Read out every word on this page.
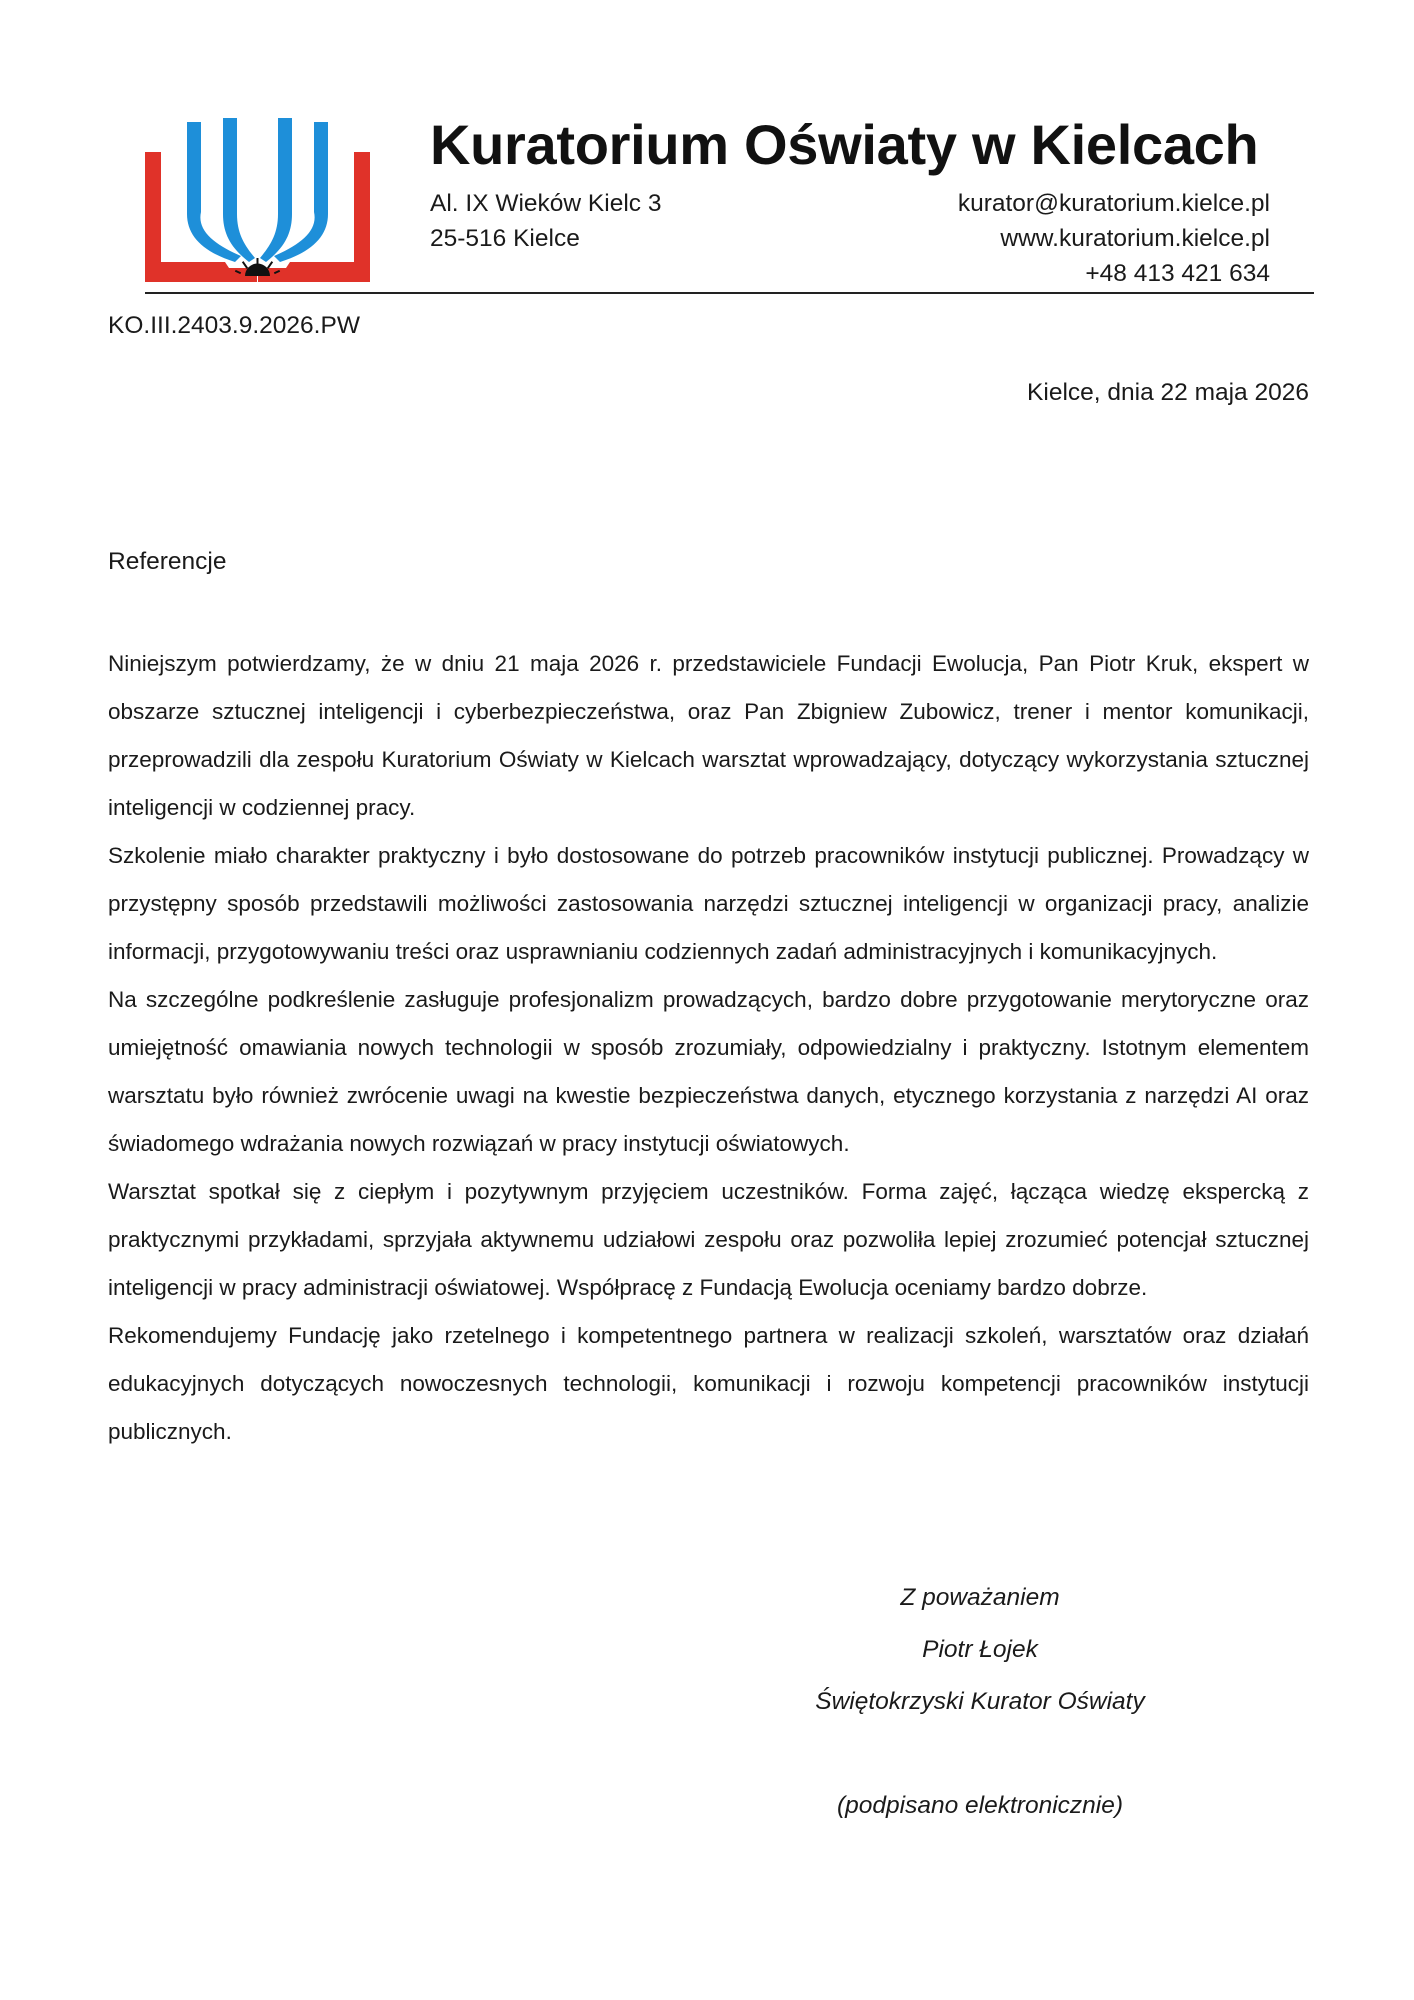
Kuratorium Oświaty w Kielcach
Al. IX Wieków Kielc 3
25-516 Kielce
kurator@kuratorium.kielce.pl
www.kuratorium.kielce.pl
+48 413 421 634
KO.III.2403.9.2026.PW
Kielce, dnia 22 maja 2026
Referencje

Niniejszym potwierdzamy, że w dniu 21 maja 2026 r. przedstawiciele Fundacji Ewolucja, Pan Piotr Kruk, ekspert w obszarze sztucznej inteligencji i cyberbezpieczeństwa, oraz Pan Zbigniew Zubowicz, trener i mentor komunikacji, przeprowadzili dla zespołu Kuratorium Oświaty w Kielcach warsztat wprowadzający, dotyczący wykorzystania sztucznej inteligencji w codziennej pracy.

Szkolenie miało charakter praktyczny i było dostosowane do potrzeb pracowników instytucji publicznej. Prowadzący w przystępny sposób przedstawili możliwości zastosowania narzędzi sztucznej inteligencji w organizacji pracy, analizie informacji, przygotowywaniu treści oraz usprawnianiu codziennych zadań administracyjnych i komunikacyjnych.

Na szczególne podkreślenie zasługuje profesjonalizm prowadzących, bardzo dobre przygotowanie merytoryczne oraz umiejętność omawiania nowych technologii w sposób zrozumiały, odpowiedzialny i praktyczny. Istotnym elementem warsztatu było również zwrócenie uwagi na kwestie bezpieczeństwa danych, etycznego korzystania z narzędzi AI oraz świadomego wdrażania nowych rozwiązań w pracy instytucji oświatowych.

Warsztat spotkał się z ciepłym i pozytywnym przyjęciem uczestników. Forma zajęć, łącząca wiedzę ekspercką z praktycznymi przykładami, sprzyjała aktywnemu udziałowi zespołu oraz pozwoliła lepiej zrozumieć potencjał sztucznej inteligencji w pracy administracji oświatowej. Współpracę z Fundacją Ewolucja oceniamy bardzo dobrze.

Rekomendujemy Fundację jako rzetelnego i kompetentnego partnera w realizacji szkoleń, warsztatów oraz działań edukacyjnych dotyczących nowoczesnych technologii, komunikacji i rozwoju kompetencji pracowników instytucji publicznych.

Z poważaniem
Piotr Łojek
Świętokrzyski Kurator Oświaty
(podpisano elektronicznie)
